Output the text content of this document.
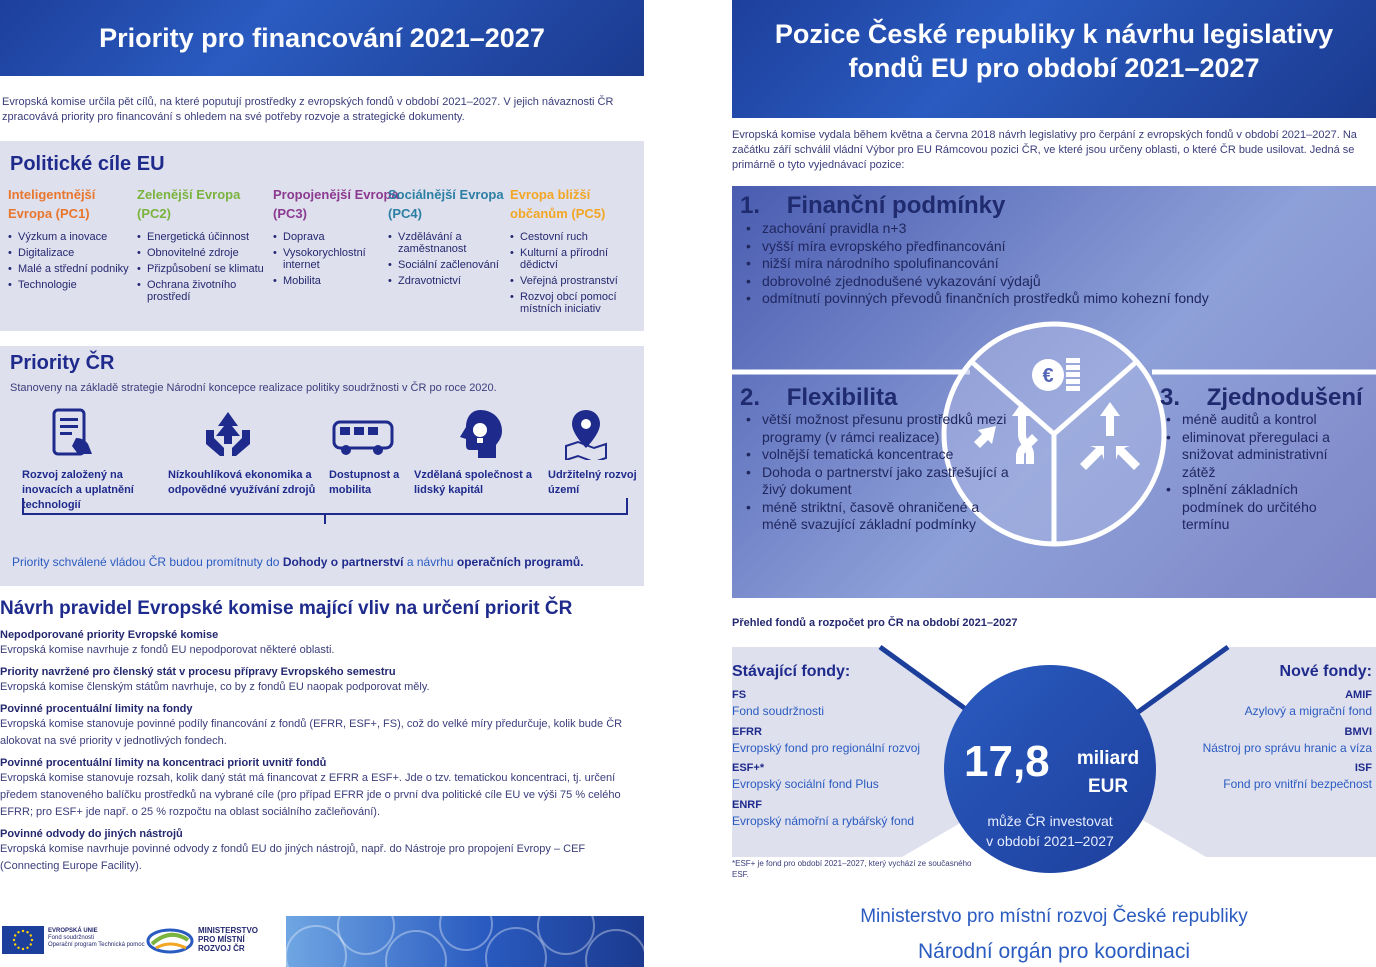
Priority pro financování 2021–2027

Evropská komise určila pět cílů, na které poputují prostředky z evropských fondů v období 2021–2027. V jejich návaznosti ČR zpracovává priority pro financování s ohledem na své potřeby rozvoje a strategické dokumenty.

Politické cíle EU
Inteligentnější Evropa (PC1)
• Výzkum a inovace
• Digitalizace
• Malé a střední podniky
• Technologie
Zelenější Evropa (PC2)
• Energetická účinnost
• Obnovitelné zdroje
• Přizpůsobení se klimatu
• Ochrana životního prostředí
Propojenější Evropa (PC3)
• Doprava
• Vysokorychlostní internet
• Mobilita
Sociálnější Evropa (PC4)
• Vzdělávání a zaměstnanost
• Sociální začlenování
• Zdravotnictví
Evropa bližší občanům (PC5)
• Cestovní ruch
• Kulturní a přírodní dědictví
• Veřejná prostranství
• Rozvoj obcí pomocí místních iniciativ
Priority ČR
Stanoveny na základě strategie Národní koncepce realizace politiky soudržnosti v ČR po roce 2020.
Rozvoj založený na inovacích a uplatnění technologií
Nízkouhlíková ekonomika a odpovědné využívání zdrojů
Dostupnost a mobilita
Vzdělaná společnost a lidský kapitál
Udržitelný rozvoj území
Priority schválené vládou ČR budou promítnuty do Dohody o partnerství a návrhu operačních programů.
Návrh pravidel Evropské komise mající vliv na určení priorit ČR
Nepodporované priority Evropské komise
Evropská komise navrhuje z fondů EU nepodporovat některé oblasti.
Priority navržené pro členský stát v procesu přípravy Evropského semestru
Evropská komise členským státům navrhuje, co by z fondů EU naopak podporovat měly.
Povinné procentuální limity na fondy
Evropská komise stanovuje povinné podíly financování z fondů (EFRR, ESF+, FS), což do velké míry předurčuje, kolik bude ČR alokovat na své priority v jednotlivých fondech.
Povinné procentuální limity na koncentraci priorit uvnitř fondů
Evropská komise stanovuje rozsah, kolik daný stát má financovat z EFRR a ESF+. Jde o tzv. tematickou koncentraci, tj. určení předem stanoveného balíčku prostředků na vybrané cíle (pro případ EFRR jde o první dva politické cíle EU ve výši 75 % celého EFRR; pro ESF+ jde např. o 25 % rozpočtu na oblast sociálního začleňování).
Povinné odvody do jiných nástrojů
Evropská komise navrhuje povinné odvody z fondů EU do jiných nástrojů, např. do Nástroje pro propojení Evropy – CEF (Connecting Europe Facility).
EVROPSKÁ UNIE
Fond soudržnosti
Operační program Technická pomoc
MINISTERSTVO
PRO MÍSTNÍ
ROZVOJ ČR
Pozice České republiky k návrhu legislativy
fondů EU pro období 2021–2027

Evropská komise vydala během května a června 2018 návrh legislativy pro čerpání z evropských fondů v období 2021–2027. Na začátku září schválil vládní Výbor pro EU Rámcovou pozici ČR, ve které jsou určeny oblasti, o které ČR bude usilovat. Jedná se primárně o tyto vyjednávací pozice:

€
1. Finanční podmínky
• zachování pravidla n+3
• vyšší míra evropského předfinancování
• nižší míra národního spolufinancování
• dobrovolné zjednodušené vykazování výdajů
• odmítnutí povinných převodů finančních prostředků mimo kohezní fondy
2. Flexibilita
• větší možnost přesunu prostředků mezi programy (v rámci realizace)
• volnější tematická koncentrace
• Dohoda o partnerství jako zastřešující a živý dokument
• méně striktní, časově ohraničené a méně svazující základní podmínky
3. Zjednodušení
• méně auditů a kontrol
• eliminovat přeregulaci a snižovat administrativní zátěž
• splnění základních podmínek do určitého termínu
Přehled fondů a rozpočet pro ČR na období 2021–2027
Stávající fondy:
FS
Fond soudržnosti
EFRR
Evropský fond pro regionální rozvoj
ESF+*
Evropský sociální fond Plus
ENRF
Evropský námořní a rybářský fond
Nové fondy:
AMIF
Azylový a migrační fond
BMVI
Nástroj pro správu hranic a víza
ISF
Fond pro vnitřní bezpečnost
17,8	miliard
EUR
může ČR investovat
v období 2021–2027
*ESF+ je fond pro období 2021–2027, který vychází ze současného ESF.
Ministerstvo pro místní rozvoj České republiky
Národní orgán pro koordinaci
